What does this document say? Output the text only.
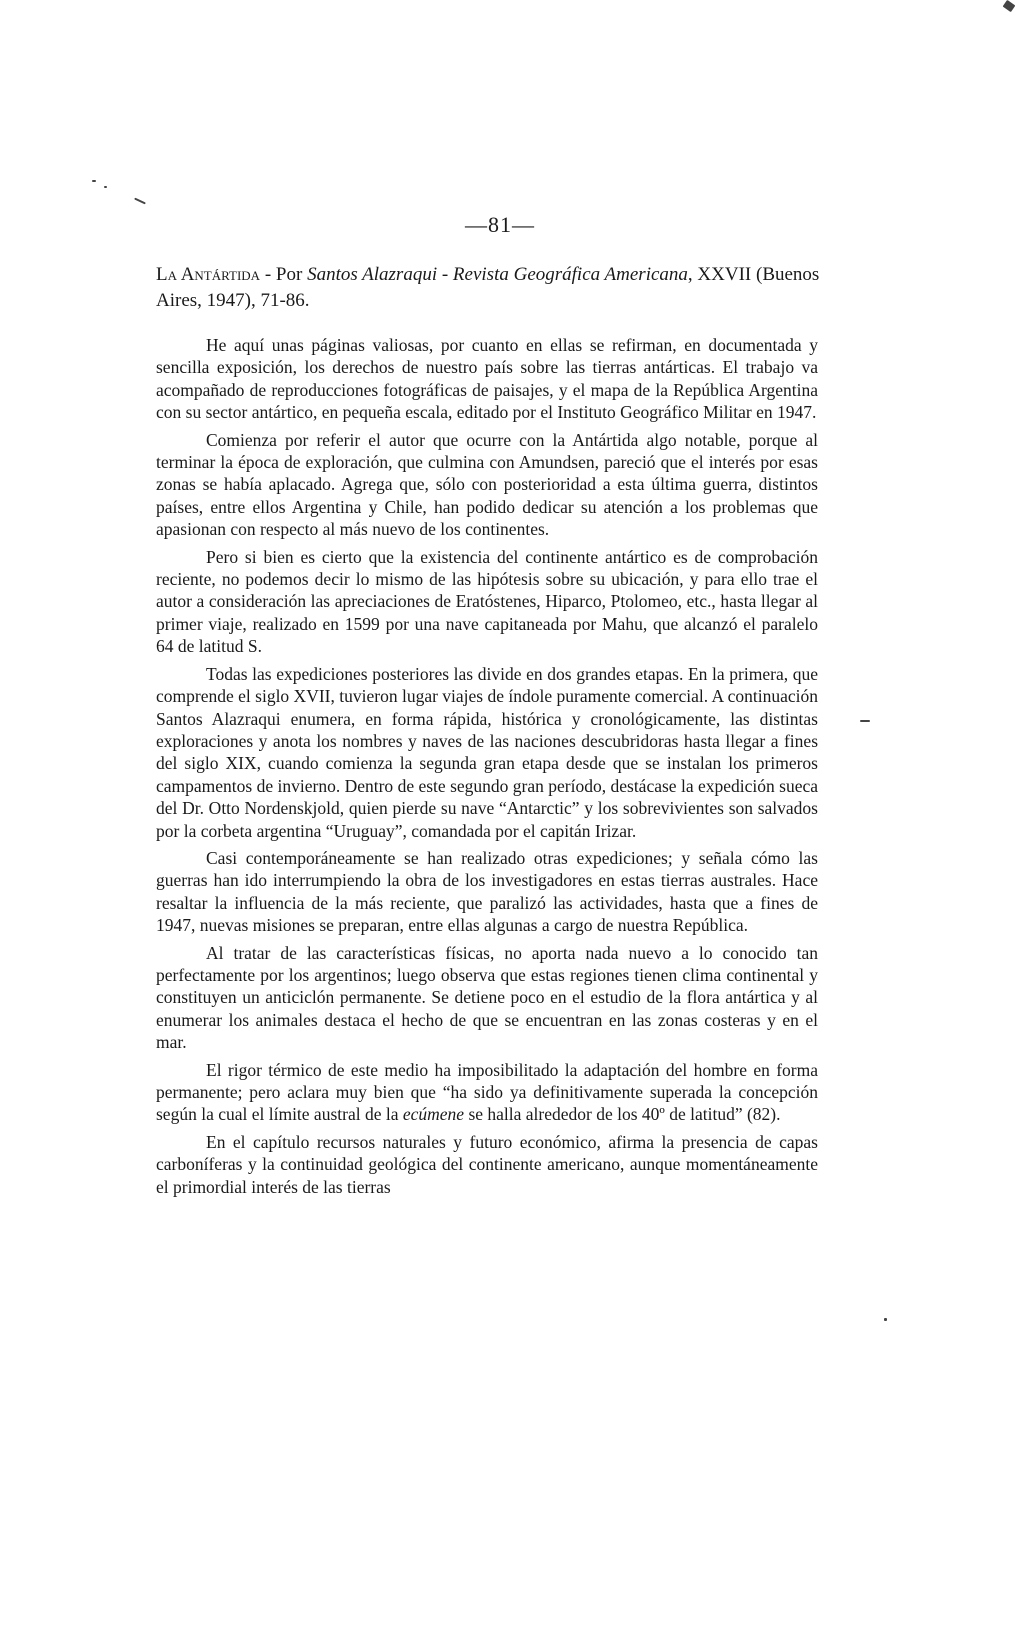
—81—
La Antártida - Por Santos Alazraqui - Revista Geográfica Americana, XXVII (Buenos Aires, 1947), 71-86.

He aquí unas páginas valiosas, por cuanto en ellas se refirman, en documentada y sencilla exposición, los derechos de nuestro país sobre las tierras antárticas. El trabajo va acompañado de reproducciones fotográficas de paisajes, y el mapa de la República Argentina con su sector antártico, en pequeña escala, editado por el Instituto Geográfico Militar en 1947.

Comienza por referir el autor que ocurre con la Antártida algo notable, porque al terminar la época de exploración, que culmina con Amundsen, pareció que el interés por esas zonas se había aplacado. Agrega que, sólo con posterioridad a esta última guerra, distintos países, entre ellos Argentina y Chile, han podido dedicar su atención a los problemas que apasionan con respecto al más nuevo de los continentes.

Pero si bien es cierto que la existencia del continente antártico es de comprobación reciente, no podemos decir lo mismo de las hipótesis sobre su ubicación, y para ello trae el autor a consideración las apreciaciones de Eratóstenes, Hiparco, Ptolomeo, etc., hasta llegar al primer viaje, realizado en 1599 por una nave capitaneada por Mahu, que alcanzó el paralelo 64 de latitud S.

Todas las expediciones posteriores las divide en dos grandes etapas. En la primera, que comprende el siglo XVII, tuvieron lugar viajes de índole puramente comercial. A continuación Santos Alazraqui enumera, en forma rápida, histórica y cronológicamente, las distintas exploraciones y anota los nombres y naves de las naciones descubridoras hasta llegar a fines del siglo XIX, cuando comienza la segunda gran etapa desde que se instalan los primeros campamentos de invierno. Dentro de este segundo gran período, destácase la expedición sueca del Dr. Otto Nordenskjold, quien pierde su nave “Antarctic” y los sobrevivientes son salvados por la corbeta argentina “Uruguay”, comandada por el capitán Irizar.

Casi contemporáneamente se han realizado otras expediciones; y señala cómo las guerras han ido interrumpiendo la obra de los investigadores en estas tierras australes. Hace resaltar la influencia de la más reciente, que paralizó las actividades, hasta que a fines de 1947, nuevas misiones se preparan, entre ellas algunas a cargo de nuestra República.

Al tratar de las características físicas, no aporta nada nuevo a lo conocido tan perfectamente por los argentinos; luego observa que estas regiones tienen clima continental y constituyen un anticiclón permanente. Se detiene poco en el estudio de la flora antártica y al enumerar los animales destaca el hecho de que se encuentran en las zonas costeras y en el mar.

El rigor térmico de este medio ha imposibilitado la adaptación del hombre en forma permanente; pero aclara muy bien que “ha sido ya definitivamente superada la concepción según la cual el límite austral de la ecúmene se halla alrededor de los 40º de latitud” (82).

En el capítulo recursos naturales y futuro económico, afirma la presencia de capas carboníferas y la continuidad geológica del continente americano, aunque momentáneamente el primordial interés de las tierras
